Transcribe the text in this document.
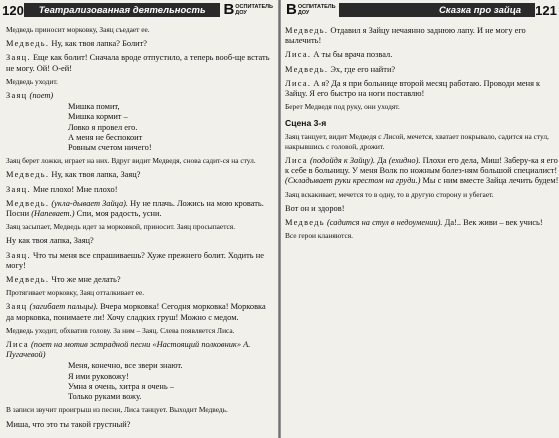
120	Театрализованная деятельность	В ОСПИТАТЕЛЬ
ДОУ

Медведь приносит морковку, Заяц съедает ее.

Медведь. Ну, как твоя лапка? Болит?

Заяц. Еще как болит! Сначала вроде отпустило, а теперь вооб-ще встать не могу. Ой! О-ей!

Медведь уходит.

Заяц (поет)

Мишка помит,

Мишка кормит –

Ловко я провел его.

А меня не беспокоит

Ровным счетом ничего!

Заяц берет ложки, играет на них. Вдруг видит Медведя, снова садит-ся на стул.

Медведь. Ну, как твоя лапка, Заяц?

Заяц. Мне плохо! Мне плохо!

Медведь. (укла-дывает Зайца). Ну не плачь. Ложись на мою кровать. Посни (Напевает.) Спи, моя радость, усни.

Заяц засыпает, Медведь идет за морковкой, приносит. Заяц просыпается.

Ну как твоя лапка, Заяц?

Заяц. Что ты меня все спрашиваешь? Хуже прежнего болит. Ходить не могу!

Медведь. Что же мне делать?

Протягивает морковку, Заяц отталкивает ее.

Заяц (загибает пальцы). Вчера морковка! Сегодня морковка! Морковка да морковка, понимаете ли! Хочу сладких груш! Можно с медом.

Медведь уходит, обхватив голову. За ним – Заяц. Слева появляется Лиса.

Лиса (поет на мотив эстрадной песни «Настоящий полковник» А. Пугачевой)

Меня, конечно, все звери знают.

Я ими руковожу!

Умна я очень, хитра я очень –

Только руками вожу.

В записи звучит проигрыш из песни, Лиса танцует. Выходит Медведь.

Миша, что это ты такой грустный?

В ОСПИТАТЕЛЬ
ДОУ	Сказка про зайца	121

Медведь. Отдавил я Зайцу нечаянно заднюю лапу. И не могу его вылечить!

Лиса. А ты бы врача позвал.

Медведь. Эх, где его найти?

Лиса. А я? Да я при больнице второй месяц работаю. Проводи меня к Зайцу. Я его быстро на ноги поставлю!

Берет Медведя под руку, они уходят.

Сцена 3-я

Заяц танцует, видит Медведя с Лисой, мечется, хватает покрывало, садится на стул, накрывшись с головой, дрожит.

Лиса (подойдя к Зайцу). Да (ехидно). Плохи его дела, Миш! Заберу-ка я его к себе в больницу. У меня Волк по ножным болез-ням большой специалист! (Складывает руки крестом на груди.) Мы с ним вместе Зайца лечить будем!

Заяц вскакивает, мечется то в одну, то в другую сторону и убегает.

Вот он и здоров!

Медведь (садится на стул в недоумении). Да!.. Век живи – век учись!

Все герои кланяются.
